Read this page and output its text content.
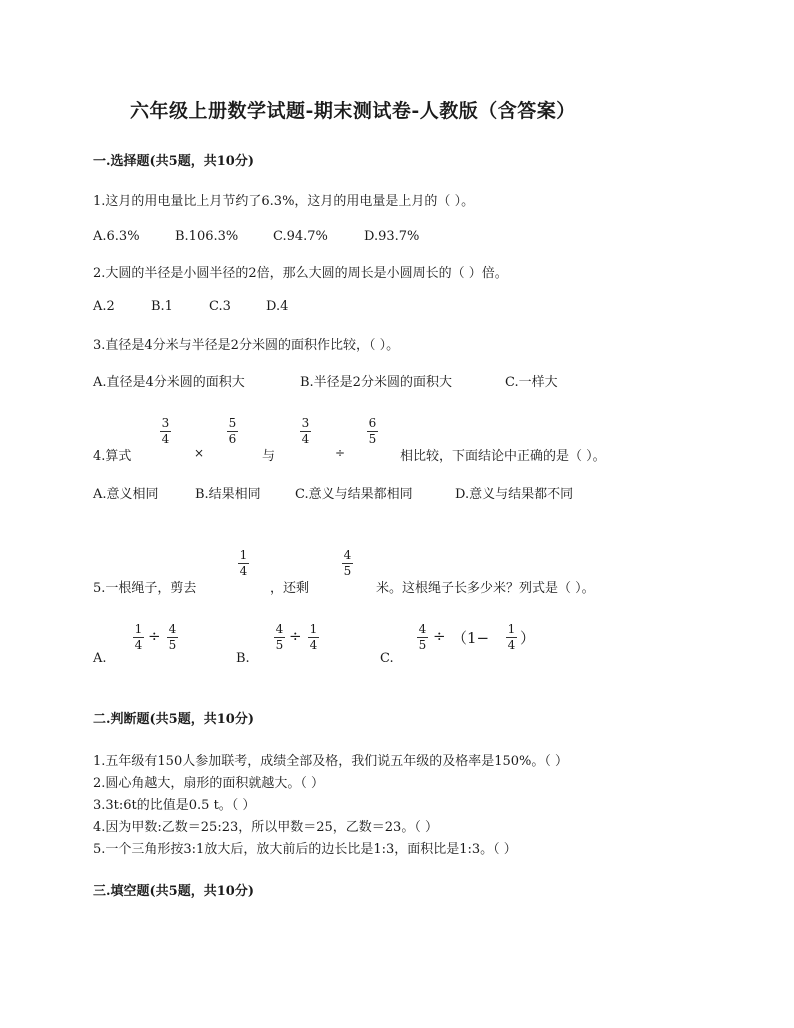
六年级上册数学试题-期末测试卷-人教版（含答案）
一.选择题(共5题，共10分)
1.这月的用电量比上月节约了6.3%，这月的用电量是上月的（ ）。
A.6.3%	B.106.3%	C.94.7%	D.93.7%
2.大圆的半径是小圆半径的2倍，那么大圆的周长是小圆周长的（ ）倍。
A.2	B.1	C.3	D.4
3.直径是4分米与半径是2分米圆的面积作比较，（ ）。
A.直径是4分米圆的面积大	B.半径是2分米圆的面积大	C.一样大
4.算式
3
4
×
5
6
与
3
4
÷
6
5
相比较，下面结论中正确的是（ ）。
A.意义相同	B.结果相同	C.意义与结果都相同	D.意义与结果都不同
5.一根绳子，剪去
1
4
，还剩
4
5
米。这根绳子长多少米？列式是（ ）。
A.
1
4 ÷ 4
5
B.
4
5 ÷ 1
4
C.
4
5 ÷ （1− 1
4 ）
二.判断题(共5题，共10分)
1.五年级有150人参加联考，成绩全部及格，我们说五年级的及格率是150%。（ ）
2.圆心角越大，扇形的面积就越大。（ ）
3.3t:6t的比值是0.5 t。（ ）
4.因为甲数:乙数＝25:23，所以甲数＝25，乙数＝23。（ ）
5.一个三角形按3:1放大后，放大前后的边长比是1:3，面积比是1:3。（ ）
三.填空题(共5题，共10分)
